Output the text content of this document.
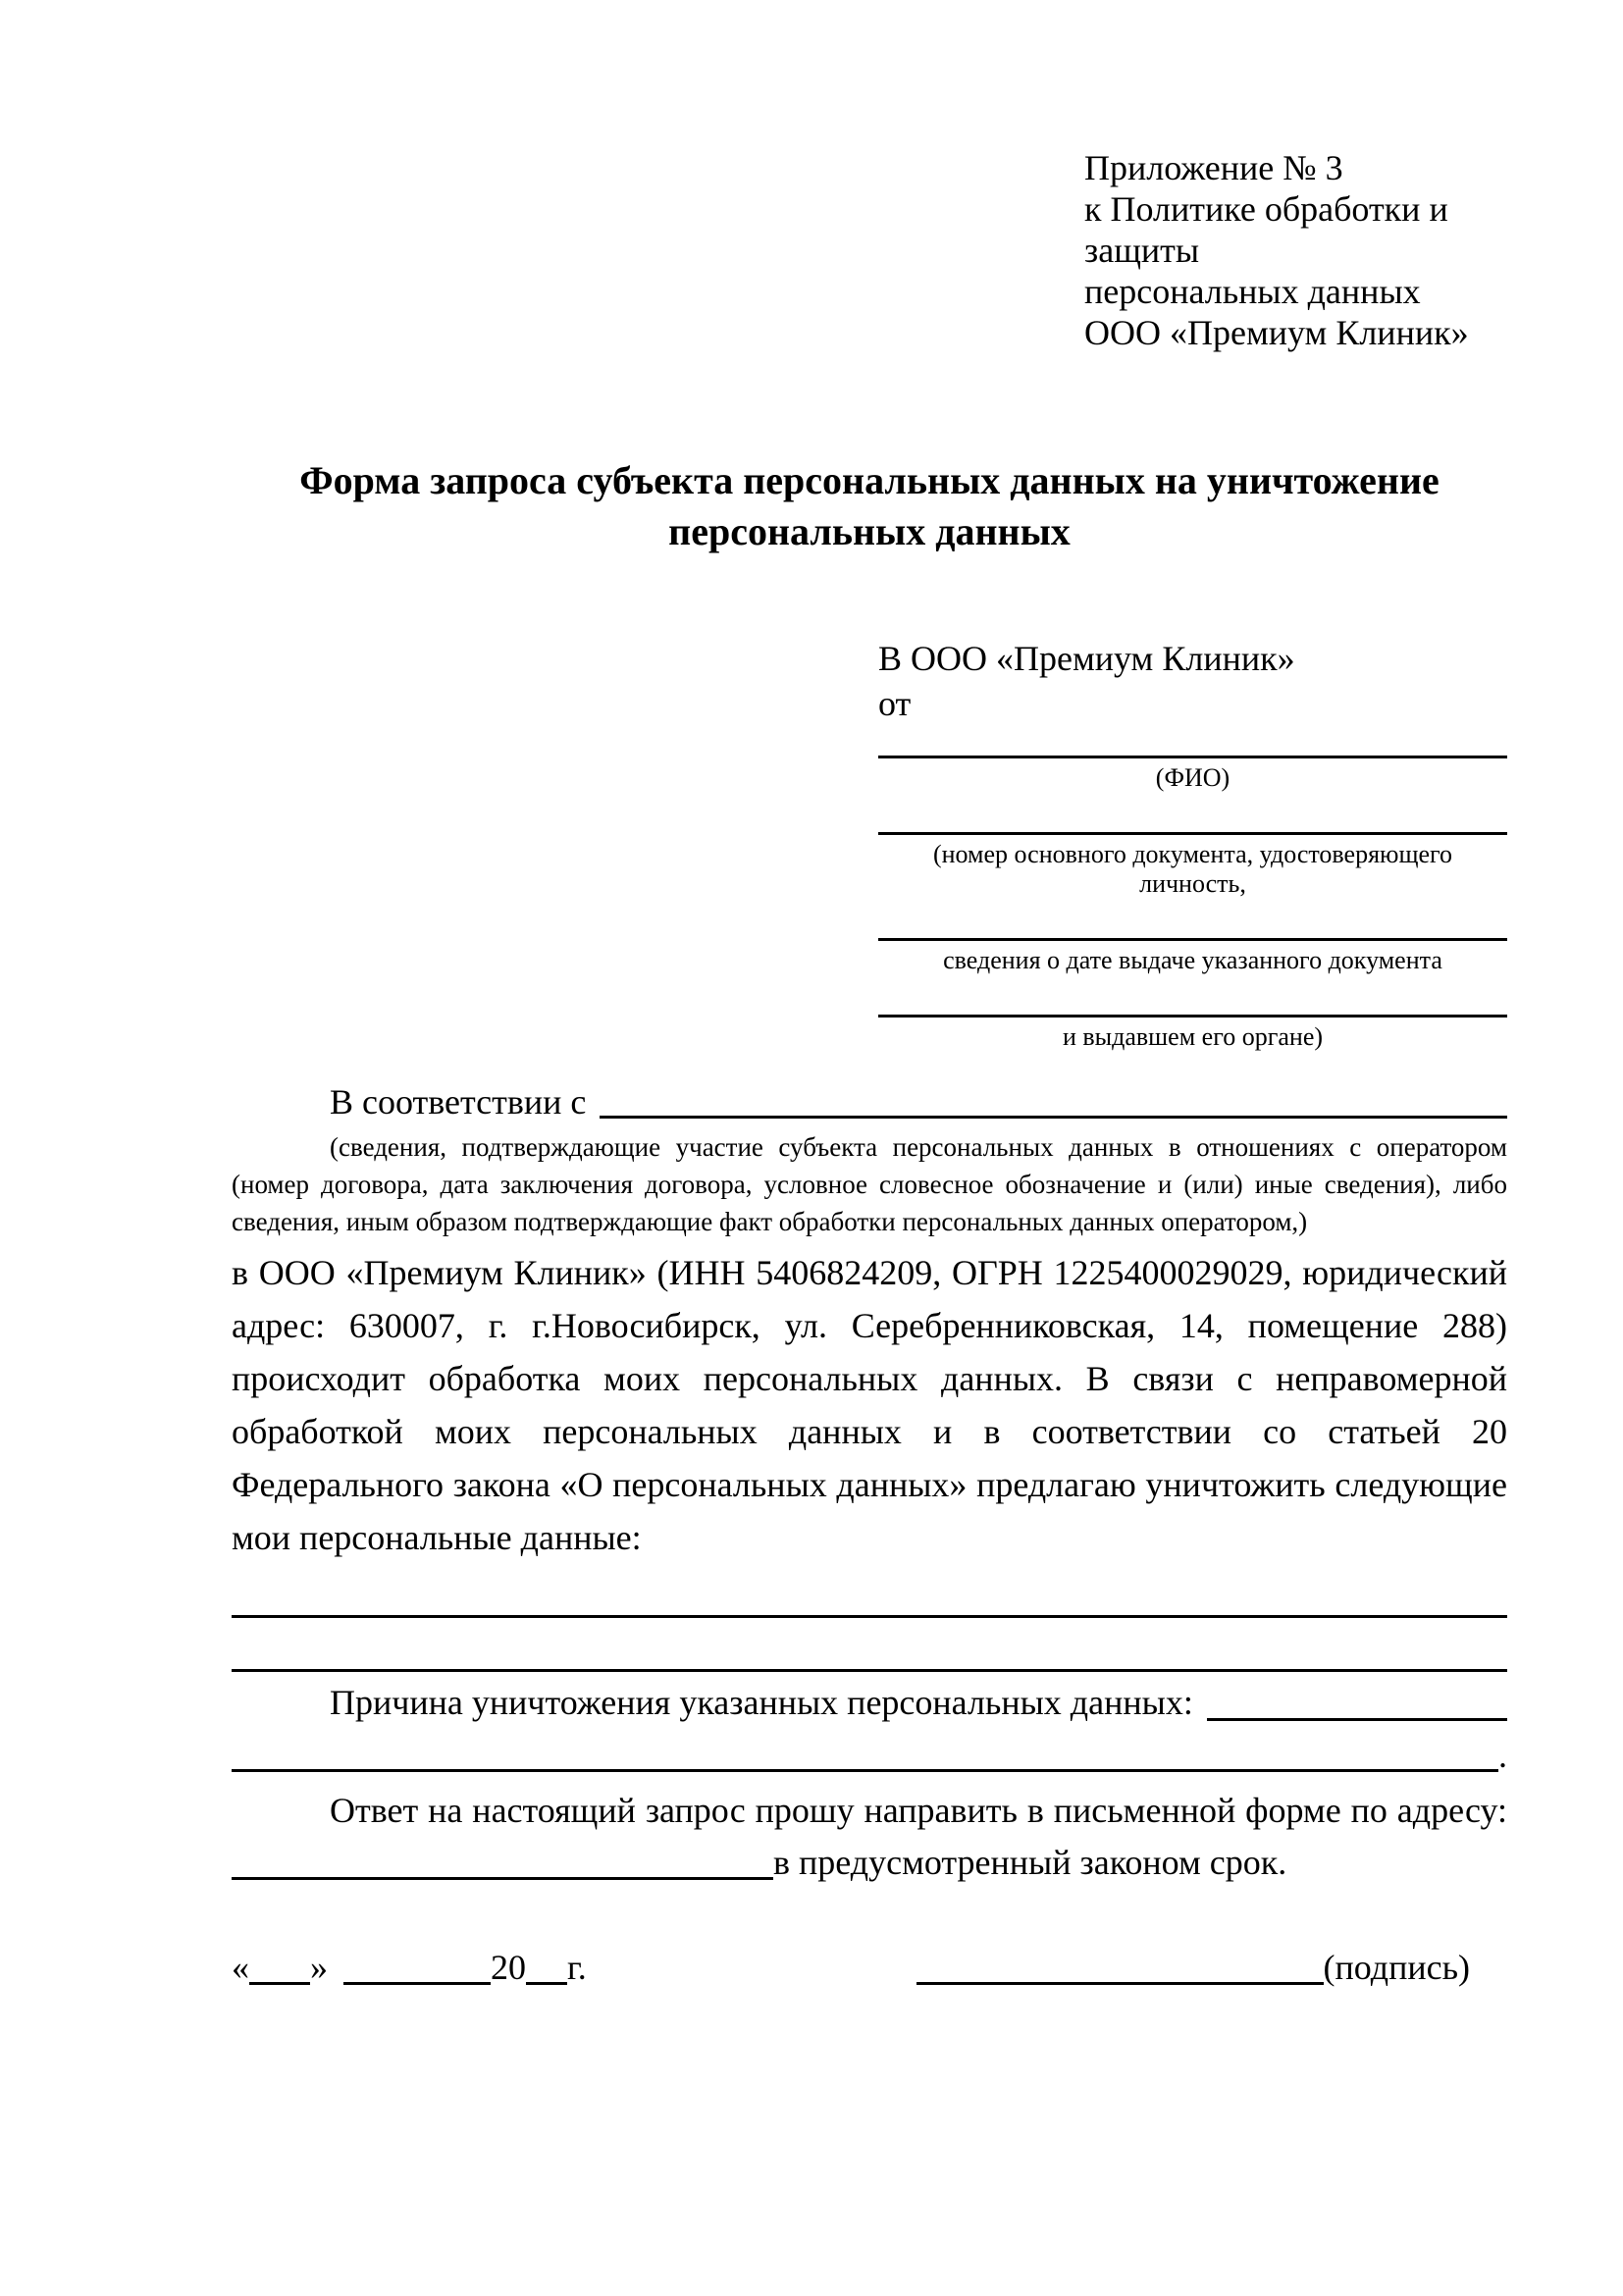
Приложение № 3
к Политике обработки и защиты
персональных данных
ООО «Премиум Клиник»
Форма запроса субъекта персональных данных на уничтожение
персональных данных
В ООО «Премиум Клиник»
от
(ФИО)
(номер основного документа, удостоверяющего личность,
сведения о дате выдаче указанного документа
и выдавшем его органе)
В соответствии с

(сведения, подтверждающие участие субъекта персональных данных в отношениях с оператором (номер договора, дата заключения договора, условное словесное обозначение и (или) иные сведения), либо сведения, иным образом подтверждающие факт обработки персональных данных оператором,)

в ООО «Премиум Клиник» (ИНН 5406824209, ОГРН 1225400029029, юридический адрес: 630007, г. г.Новосибирск, ул. Серебренниковская, 14, помещение 288) происходит обработка моих персональных данных. В связи с неправомерной обработкой моих персональных данных и в соответствии со статьей 20 Федерального закона «О персональных данных» предлагаю уничтожить следующие мои персональные данные:

Причина уничтожения указанных персональных данных:
.
Ответ на настоящий запрос прошу направить в письменной форме по адресу:
в предусмотренный законом срок.
« »	20 г.	(подпись)
